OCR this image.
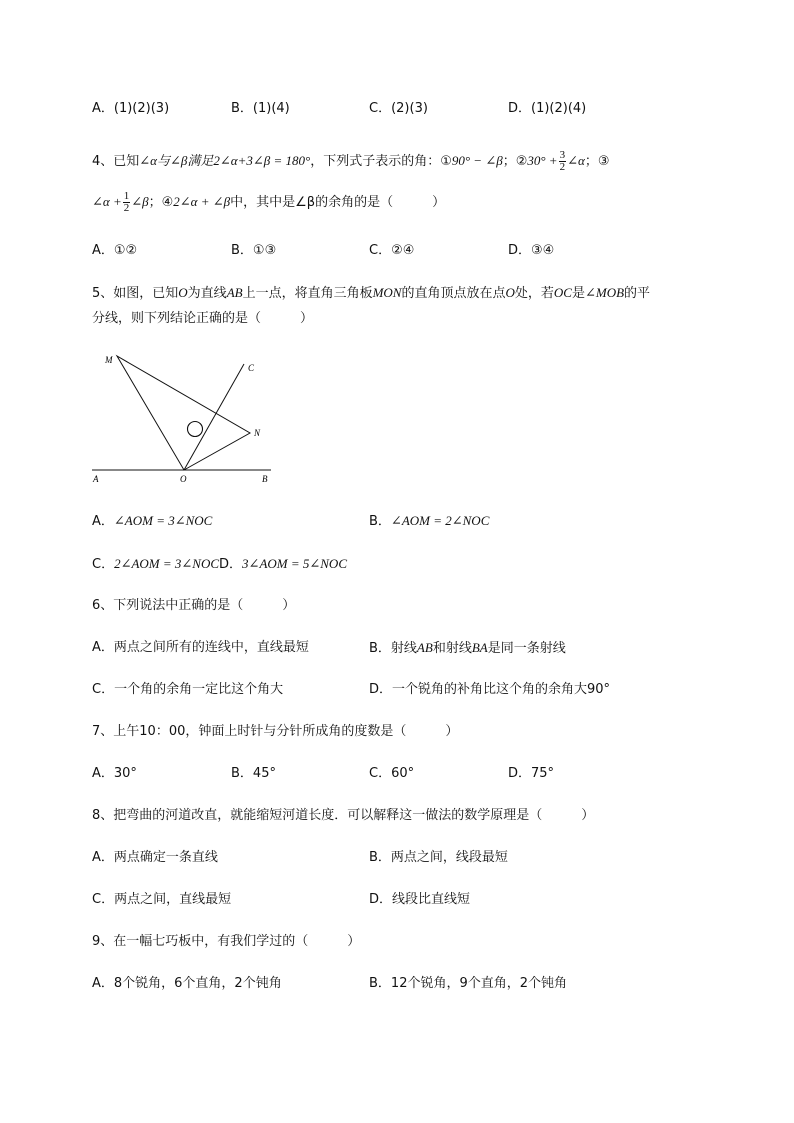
A．(1)(2)(3)	B．(1)(4)	C．(2)(3)	D．(1)(2)(4)
4、已知∠α与∠β满足2∠α+3∠β = 180°，下列式子表示的角：①90° − ∠β；②30° + $\frac{3}{2}$ ∠α；③
∠α + $\frac{1}{2}$ ∠β；④2∠α + ∠β中，其中是∠β的余角的是（　　　）
A．①②	B．①③	C．②④	D．③④
5、如图，已知O为直线AB上一点，将直角三角板MON的直角顶点放在点O处，若OC是∠MOB的平
分线，则下列结论正确的是（　　　）
M
C
N
A	O	B
A．∠AOM = 3∠NOC	B．∠AOM = 2∠NOC
C．2∠AOM = 3∠NOCD．3∠AOM = 5∠NOC
6、下列说法中正确的是（　　　）
A．两点之间所有的连线中，直线最短	B．射线AB和射线BA是同一条射线
C．一个角的余角一定比这个角大	D．一个锐角的补角比这个角的余角大90°
7、上午10：00，钟面上时针与分针所成角的度数是（　　　）
A．30°	B．45°	C．60°	D．75°
8、把弯曲的河道改直，就能缩短河道长度．可以解释这一做法的数学原理是（　　　）
A．两点确定一条直线	B．两点之间，线段最短
C．两点之间，直线最短	D．线段比直线短
9、在一幅七巧板中，有我们学过的（　　　）
A．8个锐角，6个直角，2个钝角	B．12个锐角，9个直角，2个钝角
